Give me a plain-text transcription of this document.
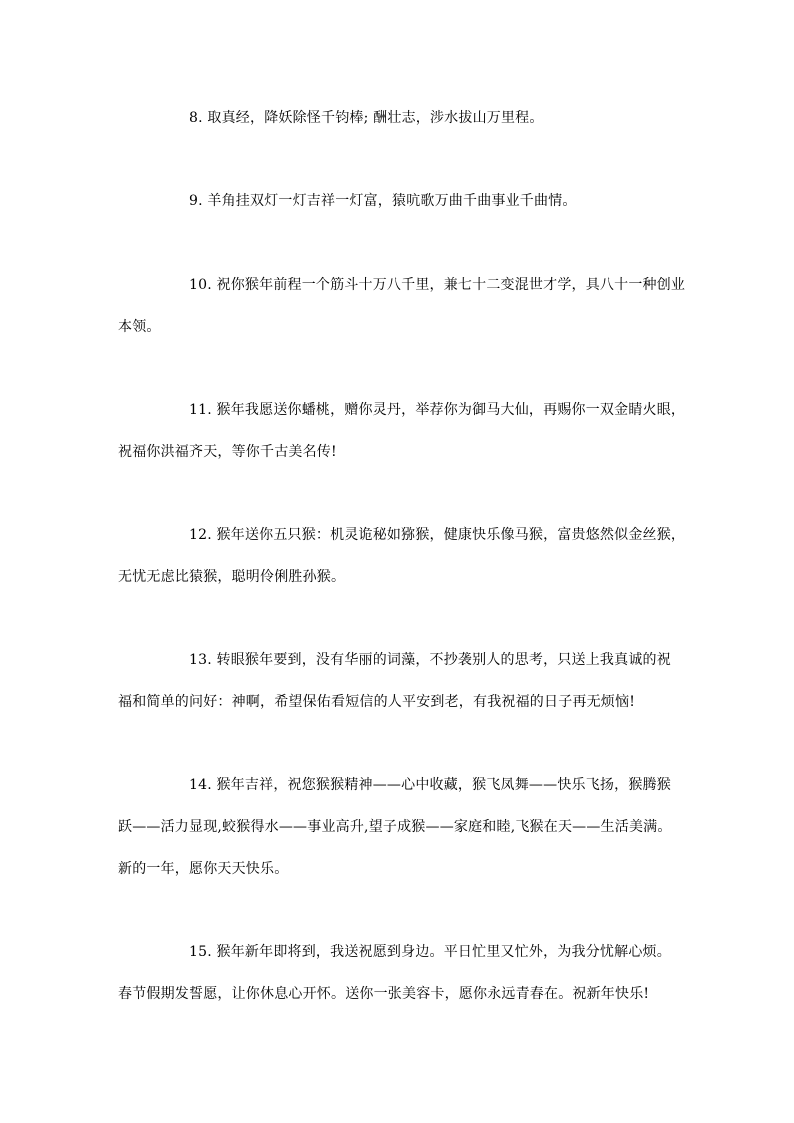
8. 取真经，降妖除怪千钧棒; 酬壮志，涉水拔山万里程。
9. 羊角挂双灯一灯吉祥一灯富，猿吭歌万曲千曲事业千曲情。
10. 祝你猴年前程一个筋斗十万八千里，兼七十二变混世才学，具八十一种创业
本领。
11. 猴年我愿送你蟠桃，赠你灵丹，举荐你为御马大仙，再赐你一双金睛火眼，
祝福你洪福齐天，等你千古美名传!
12. 猴年送你五只猴：机灵诡秘如猕猴，健康快乐像马猴，富贵悠然似金丝猴，
无忧无虑比猿猴，聪明伶俐胜孙猴。
13. 转眼猴年要到，没有华丽的词藻，不抄袭别人的思考，只送上我真诚的祝
福和简单的问好：神啊，希望保佑看短信的人平安到老，有我祝福的日子再无烦恼!
14. 猴年吉祥，祝您猴猴精神——心中收藏，猴飞凤舞——快乐飞扬，猴腾猴
跃——活力显现,蛟猴得水——事业高升,望子成猴——家庭和睦,飞猴在天——生活美满。
新的一年，愿你天天快乐。
15. 猴年新年即将到，我送祝愿到身边。平日忙里又忙外，为我分忧解心烦。
春节假期发誓愿，让你休息心开怀。送你一张美容卡，愿你永远青春在。祝新年快乐!
